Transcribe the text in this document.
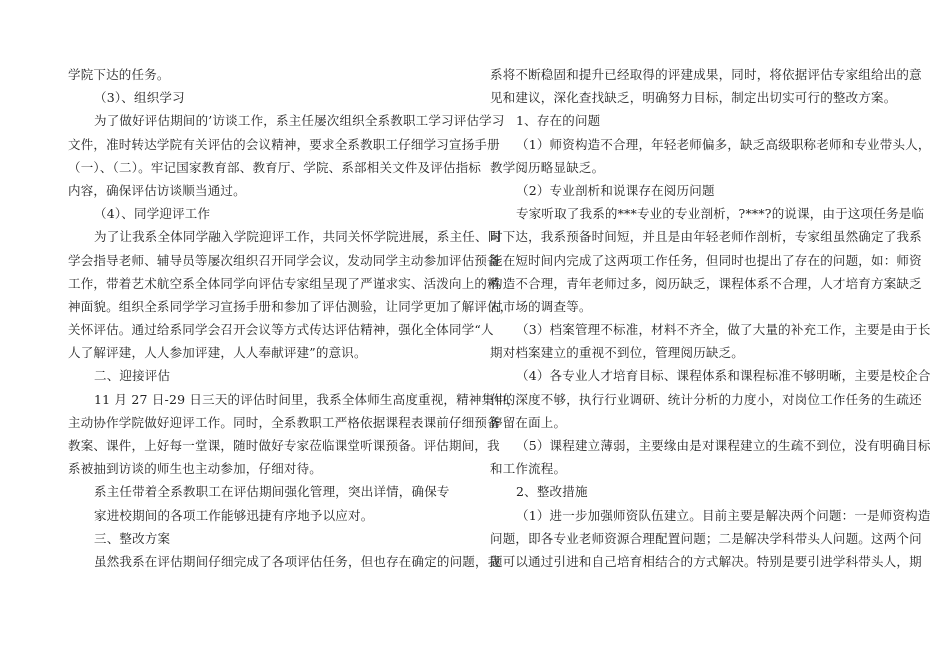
学院下达的任务。
（3）、组织学习
为了做好评估期间的’访谈工作，系主任屡次组织全系教职工学习评估学习
文件，准时转达学院有关评估的会议精神，要求全系教职工仔细学习宣扬手册
（一）、（二）。牢记国家教育部、教育厅、学院、系部相关文件及评估指标
内容，确保评估访谈顺当通过。
（4）、同学迎评工作
为了让我系全体同学融入学院迎评工作，共同关怀学院进展，系主任、同
学会指导老师、辅导员等屡次组织召开同学会议，发动同学主动参加评估预备
工作，带着艺术航空系全体同学向评估专家组呈现了严谨求实、活泼向上的精
神面貌。组织全系同学学习宣扬手册和参加了评估测验，让同学更加了解评估，
关怀评估。通过给系同学会召开会议等方式传达评估精神，强化全体同学“人
人了解评建，人人参加评建，人人奉献评建”的意识。
二、迎接评估
11 月 27 日-29 日三天的评估时间里，我系全体师生高度重视，精神集中，
主动协作学院做好迎评工作。同时，全系教职工严格依据课程表课前仔细预备
教案、课件，上好每一堂课，随时做好专家莅临课堂听课预备。评估期间，我
系被抽到访谈的师生也主动参加，仔细对待。
系主任带着全系教职工在评估期间强化管理，突出详情，确保专
家进校期间的各项工作能够迅捷有序地予以应对。
三、整改方案
虽然我系在评估期间仔细完成了各项评估任务，但也存在确定的问题，我
系将不断稳固和提升已经取得的评建成果，同时，将依据评估专家组给出的意
见和建议，深化查找缺乏，明确努力目标，制定出切实可行的整改方案。
1、存在的问题
（1）师资构造不合理，年轻老师偏多，缺乏高级职称老师和专业带头人，
教学阅历略显缺乏。
（2）专业剖析和说课存在阅历问题
专家听取了我系的***专业的专业剖析，?***?的说课，由于这项任务是临
时下达，我系预备时间短，并且是由年轻老师作剖析，专家组虽然确定了我系
能在短时间内完成了这两项工作任务，但同时也提出了存在的问题，如：师资
构造不合理，青年老师过多，阅历缺乏，课程体系不合理，人才培育方案缺乏
对市场的调查等。
（3）档案管理不标准，材料不齐全，做了大量的补充工作，主要是由于长
期对档案建立的重视不到位，管理阅历缺乏。
（4）各专业人才培育目标、课程体系和课程标准不够明晰，主要是校企合
作的深度不够，执行行业调研、统计分析的力度小，对岗位工作任务的生疏还
停留在面上。
（5）课程建立薄弱，主要缘由是对课程建立的生疏不到位，没有明确目标
和工作流程。
2、整改措施
（1）进一步加强师资队伍建立。目前主要是解决两个问题：一是师资构造
问题，即各专业老师资源合理配置问题；二是解决学科带头人问题。这两个问
题可以通过引进和自己培育相结合的方式解决。特别是要引进学科带头人，期
